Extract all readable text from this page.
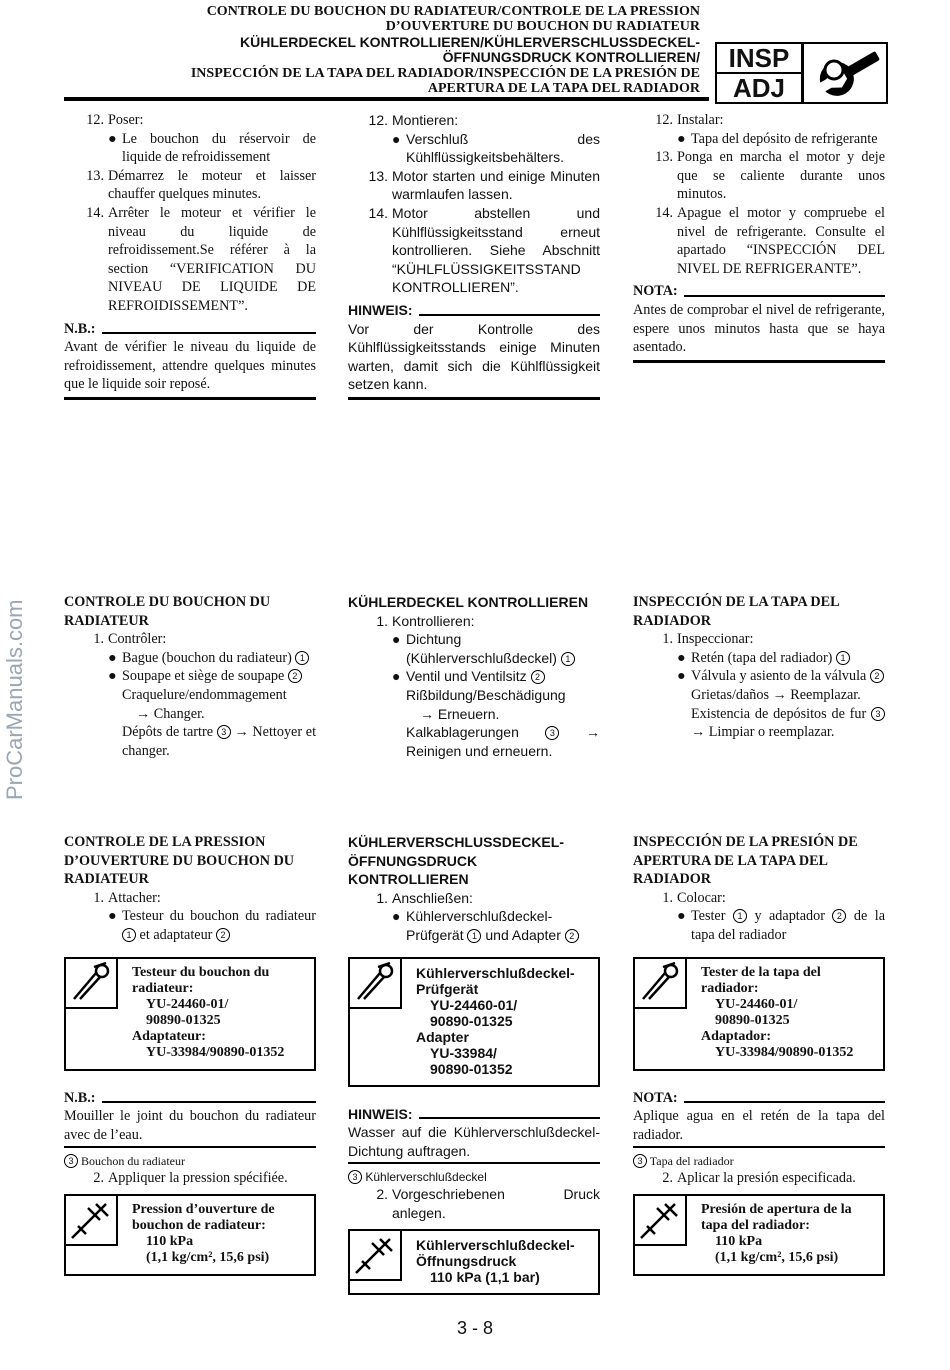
CONTROLE DU BOUCHON DU RADIATEUR/CONTROLE DE LA PRESSION
D’OUVERTURE DU BOUCHON DU RADIATEUR
KÜHLERDECKEL KONTROLLIEREN/KÜHLERVERSCHLUSSDECKEL-
ÖFFNUNGSDRUCK KONTROLLIEREN/
INSPECCIÓN DE LA TAPA DEL RADIADOR/INSPECCIÓN DE LA PRESIÓN DE
APERTURA DE LA TAPA DEL RADIADOR
INSP
ADJ
ProCarManuals.com
12. Poser:
● Le bouchon du réservoir de liquide de refroidissement
13. Démarrez le moteur et laisser chauffer quelques minutes.
14. Arrêter le moteur et vérifier le niveau du liquide de refroidissement.Se référer à la section “VERIFICATION DU NIVEAU DE LIQUIDE DE REFROIDISSEMENT”.
N.B.:
Avant de vérifier le niveau du liquide de refroidissement, attendre quelques minutes que le liquide soir reposé.
12. Montieren:
● Verschluß des Kühlflüssigkeitsbehälters.
13. Motor starten und einige Minuten warmlaufen lassen.
14. Motor abstellen und Kühlflüssigkeitsstand erneut kontrollieren. Siehe Abschnitt “KÜHLFLÜSSIGKEITSSTAND KONTROLLIEREN”.
HINWEIS:
Vor der Kontrolle des Kühlflüssigkeitsstands einige Minuten warten, damit sich die Kühlflüssigkeit setzen kann.
12. Instalar:
● Tapa del depósito de refrigerante
13. Ponga en marcha el motor y deje que se caliente durante unos minutos.
14. Apague el motor y compruebe el nivel de refrigerante. Consulte el apartado “INSPECCIÓN DEL NIVEL DE REFRIGERANTE”.
NOTA:
Antes de comprobar el nivel de refrigerante, espere unos minutos hasta que se haya asentado.
CONTROLE DU BOUCHON DU RADIATEUR
1. Contrôler:
● Bague (bouchon du radiateur) 1
● Soupape et siège de soupape 2
Craquelure/endommagement
→ Changer.
Dépôts de tartre 3 → Nettoyer et changer.
KÜHLERDECKEL KONTROLLIEREN
1. Kontrollieren:
● Dichtung (Kühlerverschlußdeckel) 1
● Ventil und Ventilsitz 2
Rißbildung/Beschädigung
→ Erneuern.
Kalkablagerungen	3 → Reinigen und erneuern.
INSPECCIÓN DE LA TAPA DEL RADIADOR
1. Inspeccionar:
● Retén (tapa del radiador) 1
● Válvula y asiento de la válvula 2
Grietas/daños → Reemplazar.
Existencia de depósitos de fur 3 → Limpiar o reemplazar.
CONTROLE DE LA PRESSION D’OUVERTURE DU BOUCHON DU RADIATEUR
1. Attacher:
● Testeur du bouchon du radiateur 1 et adaptateur 2
Testeur du bouchon du radiateur:
YU-24460-01/
90890-01325
Adaptateur:
YU-33984/90890-01352
N.B.:
Mouiller le joint du bouchon du radiateur avec de l’eau.
3 Bouchon du radiateur
2. Appliquer la pression spécifiée.
Pression d’ouverture de bouchon de radiateur:
110 kPa
(1,1 kg/cm², 15,6 psi)
KÜHLERVERSCHLUSSDECKEL-ÖFFNUNGSDRUCK KONTROLLIEREN
1. Anschließen:
● Kühlerverschlußdeckel-Prüfgerät 1 und Adapter 2
Kühlerverschlußdeckel-Prüfgerät
YU-24460-01/
90890-01325
Adapter
YU-33984/
90890-01352
HINWEIS:
Wasser auf die Kühlerverschlußdeckel-Dichtung auftragen.
3 Kühlerverschlußdeckel
2. Vorgeschriebenen Druck anlegen.
Kühlerverschlußdeckel-Öffnungsdruck
110 kPa (1,1 bar)
INSPECCIÓN DE LA PRESIÓN DE APERTURA DE LA TAPA DEL RADIADOR
1. Colocar:
● Tester 1 y adaptador 2 de la tapa del radiador
Tester de la tapa del radiador:
YU-24460-01/
90890-01325
Adaptador:
YU-33984/90890-01352
NOTA:
Aplique agua en el retén de la tapa del radiador.
3 Tapa del radiador
2. Aplicar la presión especificada.
Presión de apertura de la tapa del radiador:
110 kPa
(1,1 kg/cm², 15,6 psi)
3 - 8
